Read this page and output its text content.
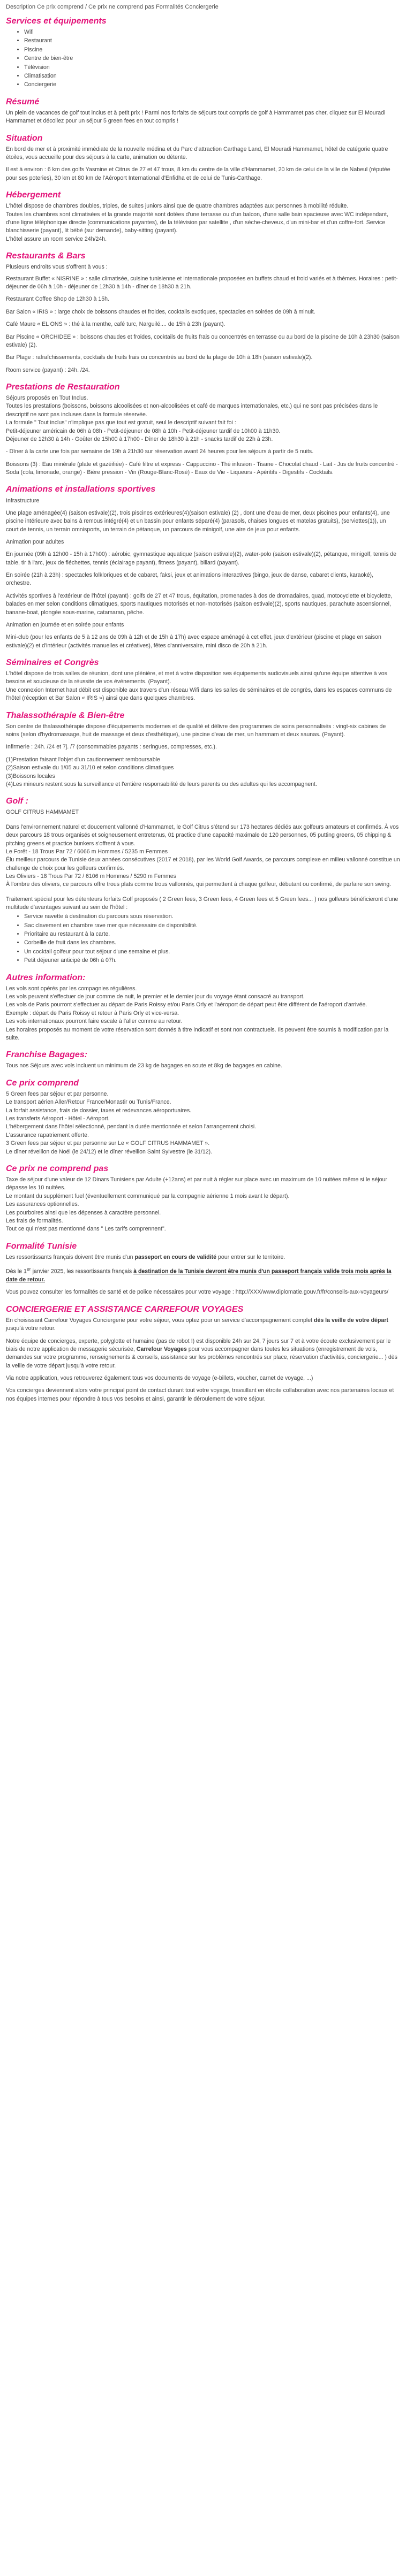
Description Ce prix comprend / Ce prix ne comprend pas Formalités Conciergerie

Services et équipements
• Wifi
• Restaurant
• Piscine
• Centre de bien-être
• Télévision
• Climatisation
• Conciergerie
Résumé

Un plein de vacances de golf tout inclus et à petit prix ! Parmi nos forfaits de séjours tout compris de golf à Hammamet pas cher, cliquez sur El Mouradi Hammamet et décollez pour un séjour 5 green fees en tout compris !

Situation

En bord de mer et à proximité immédiate de la nouvelle médina et du Parc d'attraction Carthage Land, El Mouradi Hammamet, hôtel de catégorie quatre étoiles, vous accueille pour des séjours à la carte, animation ou détente.

Il est à environ : 6 km des golfs Yasmine et Citrus de 27 et 47 trous, 8 km du centre de la ville d'Hammamet, 20 km de celui de la ville de Nabeul (réputée pour ses poteries), 30 km et 80 km de l'Aéroport International d'Enfidha et de celui de Tunis-Carthage.

Hébergement

L'hôtel dispose de chambres doubles, triples, de suites juniors ainsi que de quatre chambres adaptées aux personnes à mobilité réduite.

Toutes les chambres sont climatisées et la grande majorité sont dotées d'une terrasse ou d'un balcon, d'une salle bain spacieuse avec WC indépendant, d'une ligne téléphonique directe (communications payantes), de la télévision par satellite , d'un sèche-cheveux, d'un mini-bar et d'un coffre-fort. Service blanchisserie (payant), lit bébé (sur demande), baby-sitting (payant).

L'hôtel assure un room service 24h/24h.

Restaurants & Bars

Plusieurs endroits vous s'offrent à vous :

Restaurant Buffet « NISRINE » : salle climatisée, cuisine tunisienne et internationale proposées en buffets chaud et froid variés et à thèmes. Horaires : petit-déjeuner de 06h à 10h - déjeuner de 12h30 à 14h - dîner de 18h30 à 21h.

Restaurant Coffee Shop de 12h30 à 15h.

Bar Salon « IRIS » : large choix de boissons chaudes et froides, cocktails exotiques, spectacles en soirées de 09h à minuit.

Café Maure « EL ONS » : thé à la menthe, café turc, Narguilé.... de 15h à 23h (payant).

Bar Piscine « ORCHIDEE » : boissons chaudes et froides, cocktails de fruits frais ou concentrés en terrasse ou au bord de la piscine de 10h à 23h30 (saison estivale) (2).

Bar Plage : rafraîchissements, cocktails de fruits frais ou concentrés au bord de la plage de 10h à 18h (saison estivale)(2).

Room service (payant) : 24h. /24.

Prestations de Restauration

Séjours proposés en Tout Inclus.

Toutes les prestations (boissons, boissons alcoolisées et non-alcoolisées et café de marques internationales, etc.) qui ne sont pas précisées dans le descriptif ne sont pas incluses dans la formule réservée.

La formule " Tout inclus" n'implique pas que tout est gratuit, seul le descriptif suivant fait foi :

Petit-déjeuner américain de 06h à 08h - Petit-déjeuner de 08h à 10h - Petit-déjeuner tardif de 10h00 à 11h30.

Déjeuner de 12h30 à 14h - Goûter de 15h00 à 17h00 - Dîner de 18h30 à 21h - snacks tardif de 22h à 23h.

- Dîner à la carte une fois par semaine de 19h à 21h30 sur réservation avant 24 heures pour les séjours à partir de 5 nuits.

Boissons (3) : Eau minérale (plate et gazéifiée) - Café filtre et express - Cappuccino - Thé infusion - Tisane - Chocolat chaud - Lait - Jus de fruits concentré - Soda (cola, limonade, orange) - Bière pression - Vin (Rouge-Blanc-Rosé) - Eaux de Vie - Liqueurs - Apéritifs - Digestifs - Cocktails.

Animations et installations sportives

Infrastructure

Une plage aménagée(4) (saison estivale)(2), trois piscines extérieures(4)(saison estivale) (2) , dont une d'eau de mer, deux piscines pour enfants(4), une piscine intérieure avec bains à remous intégré(4) et un bassin pour enfants séparé(4) (parasols, chaises longues et matelas gratuits), (serviettes(1)), un court de tennis, un terrain omnisports, un terrain de pétanque, un parcours de minigolf, une aire de jeux pour enfants.

Animation pour adultes

En journée (09h à 12h00 - 15h à 17h00) : aérobic, gymnastique aquatique (saison estivale)(2), water-polo (saison estivale)(2), pétanque, minigolf, tennis de table, tir à l'arc, jeux de fléchettes, tennis (éclairage payant), fitness (payant), billard (payant).

En soirée (21h à 23h) : spectacles folkloriques et de cabaret, faksi, jeux et animations interactives (bingo, jeux de danse, cabaret clients, karaoké), orchestre.

Activités sportives à l'extérieur de l'hôtel (payant) : golfs de 27 et 47 trous, équitation, promenades à dos de dromadaires, quad, motocyclette et bicyclette, balades en mer selon conditions climatiques, sports nautiques motorisés et non-motorisés (saison estivale)(2), sports nautiques, parachute ascensionnel, banane-boat, plongée sous-marine, catamaran, pêche.

Animation en journée et en soirée pour enfants

Mini-club (pour les enfants de 5 à 12 ans de 09h à 12h et de 15h à 17h) avec espace aménagé à cet effet, jeux d'extérieur (piscine et plage en saison estivale)(2) et d'intérieur (activités manuelles et créatives), fêtes d'anniversaire, mini disco de 20h à 21h.

Séminaires et Congrès

L'hôtel dispose de trois salles de réunion, dont une plénière, et met à votre disposition ses équipements audiovisuels ainsi qu'une équipe attentive à vos besoins et soucieuse de la réussite de vos événements. (Payant).

Une connexion Internet haut débit est disponible aux travers d'un réseau Wifi dans les salles de séminaires et de congrès, dans les espaces communs de l'hôtel (réception et Bar Salon « IRIS ») ainsi que dans quelques chambres.

Thalassothérapie & Bien-être

Son centre de thalassothérapie dispose d'équipements modernes et de qualité et délivre des programmes de soins personnalisés : vingt-six cabines de soins (selon d'hydromassage, huit de massage et deux d'esthétique), une piscine d'eau de mer, un hammam et deux saunas. (Payant).

Infirmerie : 24h. /24 et 7j. /7 (consommables payants : seringues, compresses, etc.).

(1)Prestation faisant l'objet d'un cautionnement remboursable

(2)Saison estivale du 1/05 au 31/10 et selon conditions climatiques

(3)Boissons locales

(4)Les mineurs restent sous la surveillance et l'entière responsabilité de leurs parents ou des adultes qui les accompagnent.

Golf :

GOLF CITRUS HAMMAMET

Dans l'environnement naturel et doucement vallonné d'Hammamet, le Golf Citrus s'étend sur 173 hectares dédiés aux golfeurs amateurs et confirmés. À vos deux parcours 18 trous organisés et soigneusement entretenus, 01 practice d'une capacité maximale de 120 personnes, 05 putting greens, 05 chipping & pitching greens et practice bunkers s'offrent à vous.

Le Forêt - 18 Trous Par 72 / 6066 m Hommes / 5235 m Femmes

Élu meilleur parcours de Tunisie deux années consécutives (2017 et 2018), par les World Golf Awards, ce parcours complexe en milieu vallonné constitue un challenge de choix pour les golfeurs confirmés.

Les Oliviers - 18 Trous Par 72 / 6106 m Hommes / 5290 m Femmes

À l'ombre des oliviers, ce parcours offre trous plats comme trous vallonnés, qui permettent à chaque golfeur, débutant ou confirmé, de parfaire son swing.

Traitement spécial pour les détenteurs forfaits Golf proposés ( 2 Green fees, 3 Green fees, 4 Green fees et 5 Green fees... ) nos golfeurs bénéficieront d'une multitude d'avantages suivant au sein de l'hôtel :

• Service navette à destination du parcours sous réservation.
• Sac clavement en chambre rave mer que nécessaire de disponibilité.
• Prioritaire au restaurant à la carte.
• Corbeille de fruit dans les chambres.
• Un cocktail golfeur pour tout séjour d'une semaine et plus.
• Petit déjeuner anticipé de 06h à 07h.
Autres information:

Les vols sont opérés par les compagnies régulières.

Les vols peuvent s'effectuer de jour comme de nuit, le premier et le dernier jour du voyage étant consacré au transport.

Les vols de Paris pourront s'effectuer au départ de Paris Roissy et/ou Paris Orly et l'aéroport de départ peut être différent de l'aéroport d'arrivée.

Exemple : départ de Paris Roissy et retour à Paris Orly et vice-versa.

Les vols internationaux pourront faire escale à l'aller comme au retour.

Les horaires proposés au moment de votre réservation sont donnés à titre indicatif et sont non contractuels. Ils peuvent être soumis à modification par la suite.

Franchise Bagages:

Tous nos Séjours avec vols incluent un minimum de 23 kg de bagages en soute et 8kg de bagages en cabine.

Ce prix comprend

5 Green fees par séjour et par personne.

Le transport aérien Aller/Retour France/Monastir ou Tunis/France.

La forfait assistance, frais de dossier, taxes et redevances aéroportuaires.

Les transferts Aéroport - Hôtel - Aéroport.

L'hébergement dans l'hôtel sélectionné, pendant la durée mentionnée et selon l'arrangement choisi.

L'assurance rapatriement offerte.

3 Green fees par séjour et par personne sur Le « GOLF CITRUS HAMMAMET ».

Le dîner réveillon de Noël (le 24/12) et le dîner réveillon Saint Sylvestre (le 31/12).

Ce prix ne comprend pas

Taxe de séjour d'une valeur de 12 Dinars Tunisiens par Adulte (+12ans) et par nuit à régler sur place avec un maximum de 10 nuitées même si le séjour dépasse les 10 nuitées.

Le montant du supplément fuel (éventuellement communiqué par la compagnie aérienne 1 mois avant le départ).

Les assurances optionnelles.

Les pourboires ainsi que les dépenses à caractère personnel.

Les frais de formalités.

Tout ce qui n'est pas mentionné dans " Les tarifs comprennent".

Formalité Tunisie

Les ressortissants français doivent être munis d'un passeport en cours de validité pour entrer sur le territoire.

Dès le 1er janvier 2025, les ressortissants français à destination de la Tunisie devront être munis d'un passeport français valide trois mois après la date de retour.

Vous pouvez consulter les formalités de santé et de police nécessaires pour votre voyage : http://XXX/www.diplomatie.gouv.fr/fr/conseils-aux-voyageurs/

CONCIERGERIE ET ASSISTANCE CARREFOUR VOYAGES

En choisissant Carrefour Voyages Conciergerie pour votre séjour, vous optez pour un service d'accompagnement complet dès la veille de votre départ jusqu'à votre retour.

Notre équipe de concierges, experte, polyglotte et humaine (pas de robot !) est disponible 24h sur 24, 7 jours sur 7 et à votre écoute exclusivement par le biais de notre application de messagerie sécurisée, Carrefour Voyages pour vous accompagner dans toutes les situations (enregistrement de vols, demandes sur votre programme, renseignements & conseils, assistance sur les problèmes rencontrés sur place, réservation d'activités, conciergerie... ) dès la veille de votre départ jusqu'à votre retour.

Via notre application, vous retrouverez également tous vos documents de voyage (e-billets, voucher, carnet de voyage, ...)

Vos concierges deviennent alors votre principal point de contact durant tout votre voyage, travaillant en étroite collaboration avec nos partenaires locaux et nos équipes internes pour répondre à tous vos besoins et ainsi, garantir le déroulement de votre séjour.
